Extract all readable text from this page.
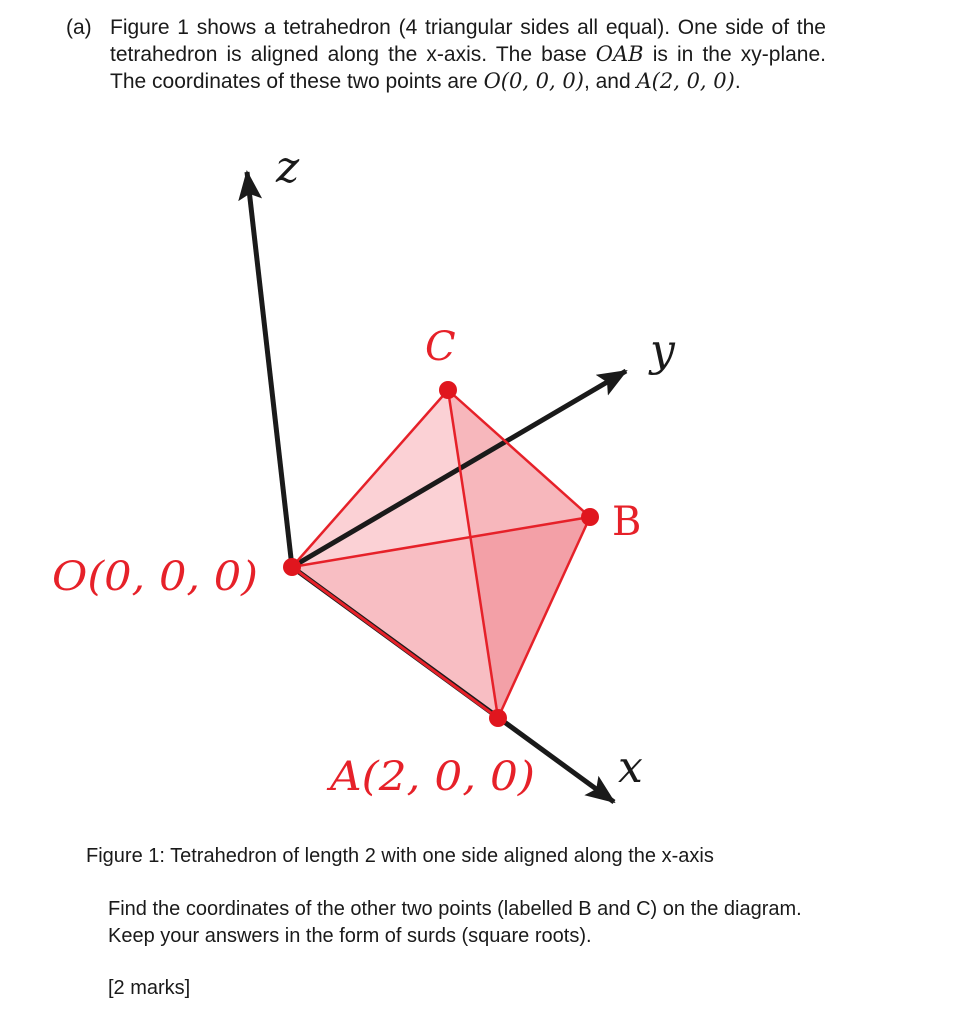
(a) Figure 1 shows a tetrahedron (4 triangular sides all equal). One side of the tetrahedron is aligned along the x-axis. The base OAB is in the xy-plane. The coordinates of these two points are O(0, 0, 0), and A(2, 0, 0).
z
y
x
C
B
O(0, 0, 0)
A(2, 0, 0)
Figure 1: Tetrahedron of length 2 with one side aligned along the x-axis
Find the coordinates of the other two points (labelled B and C) on the diagram. Keep your answers in the form of surds (square roots).
[2 marks]
